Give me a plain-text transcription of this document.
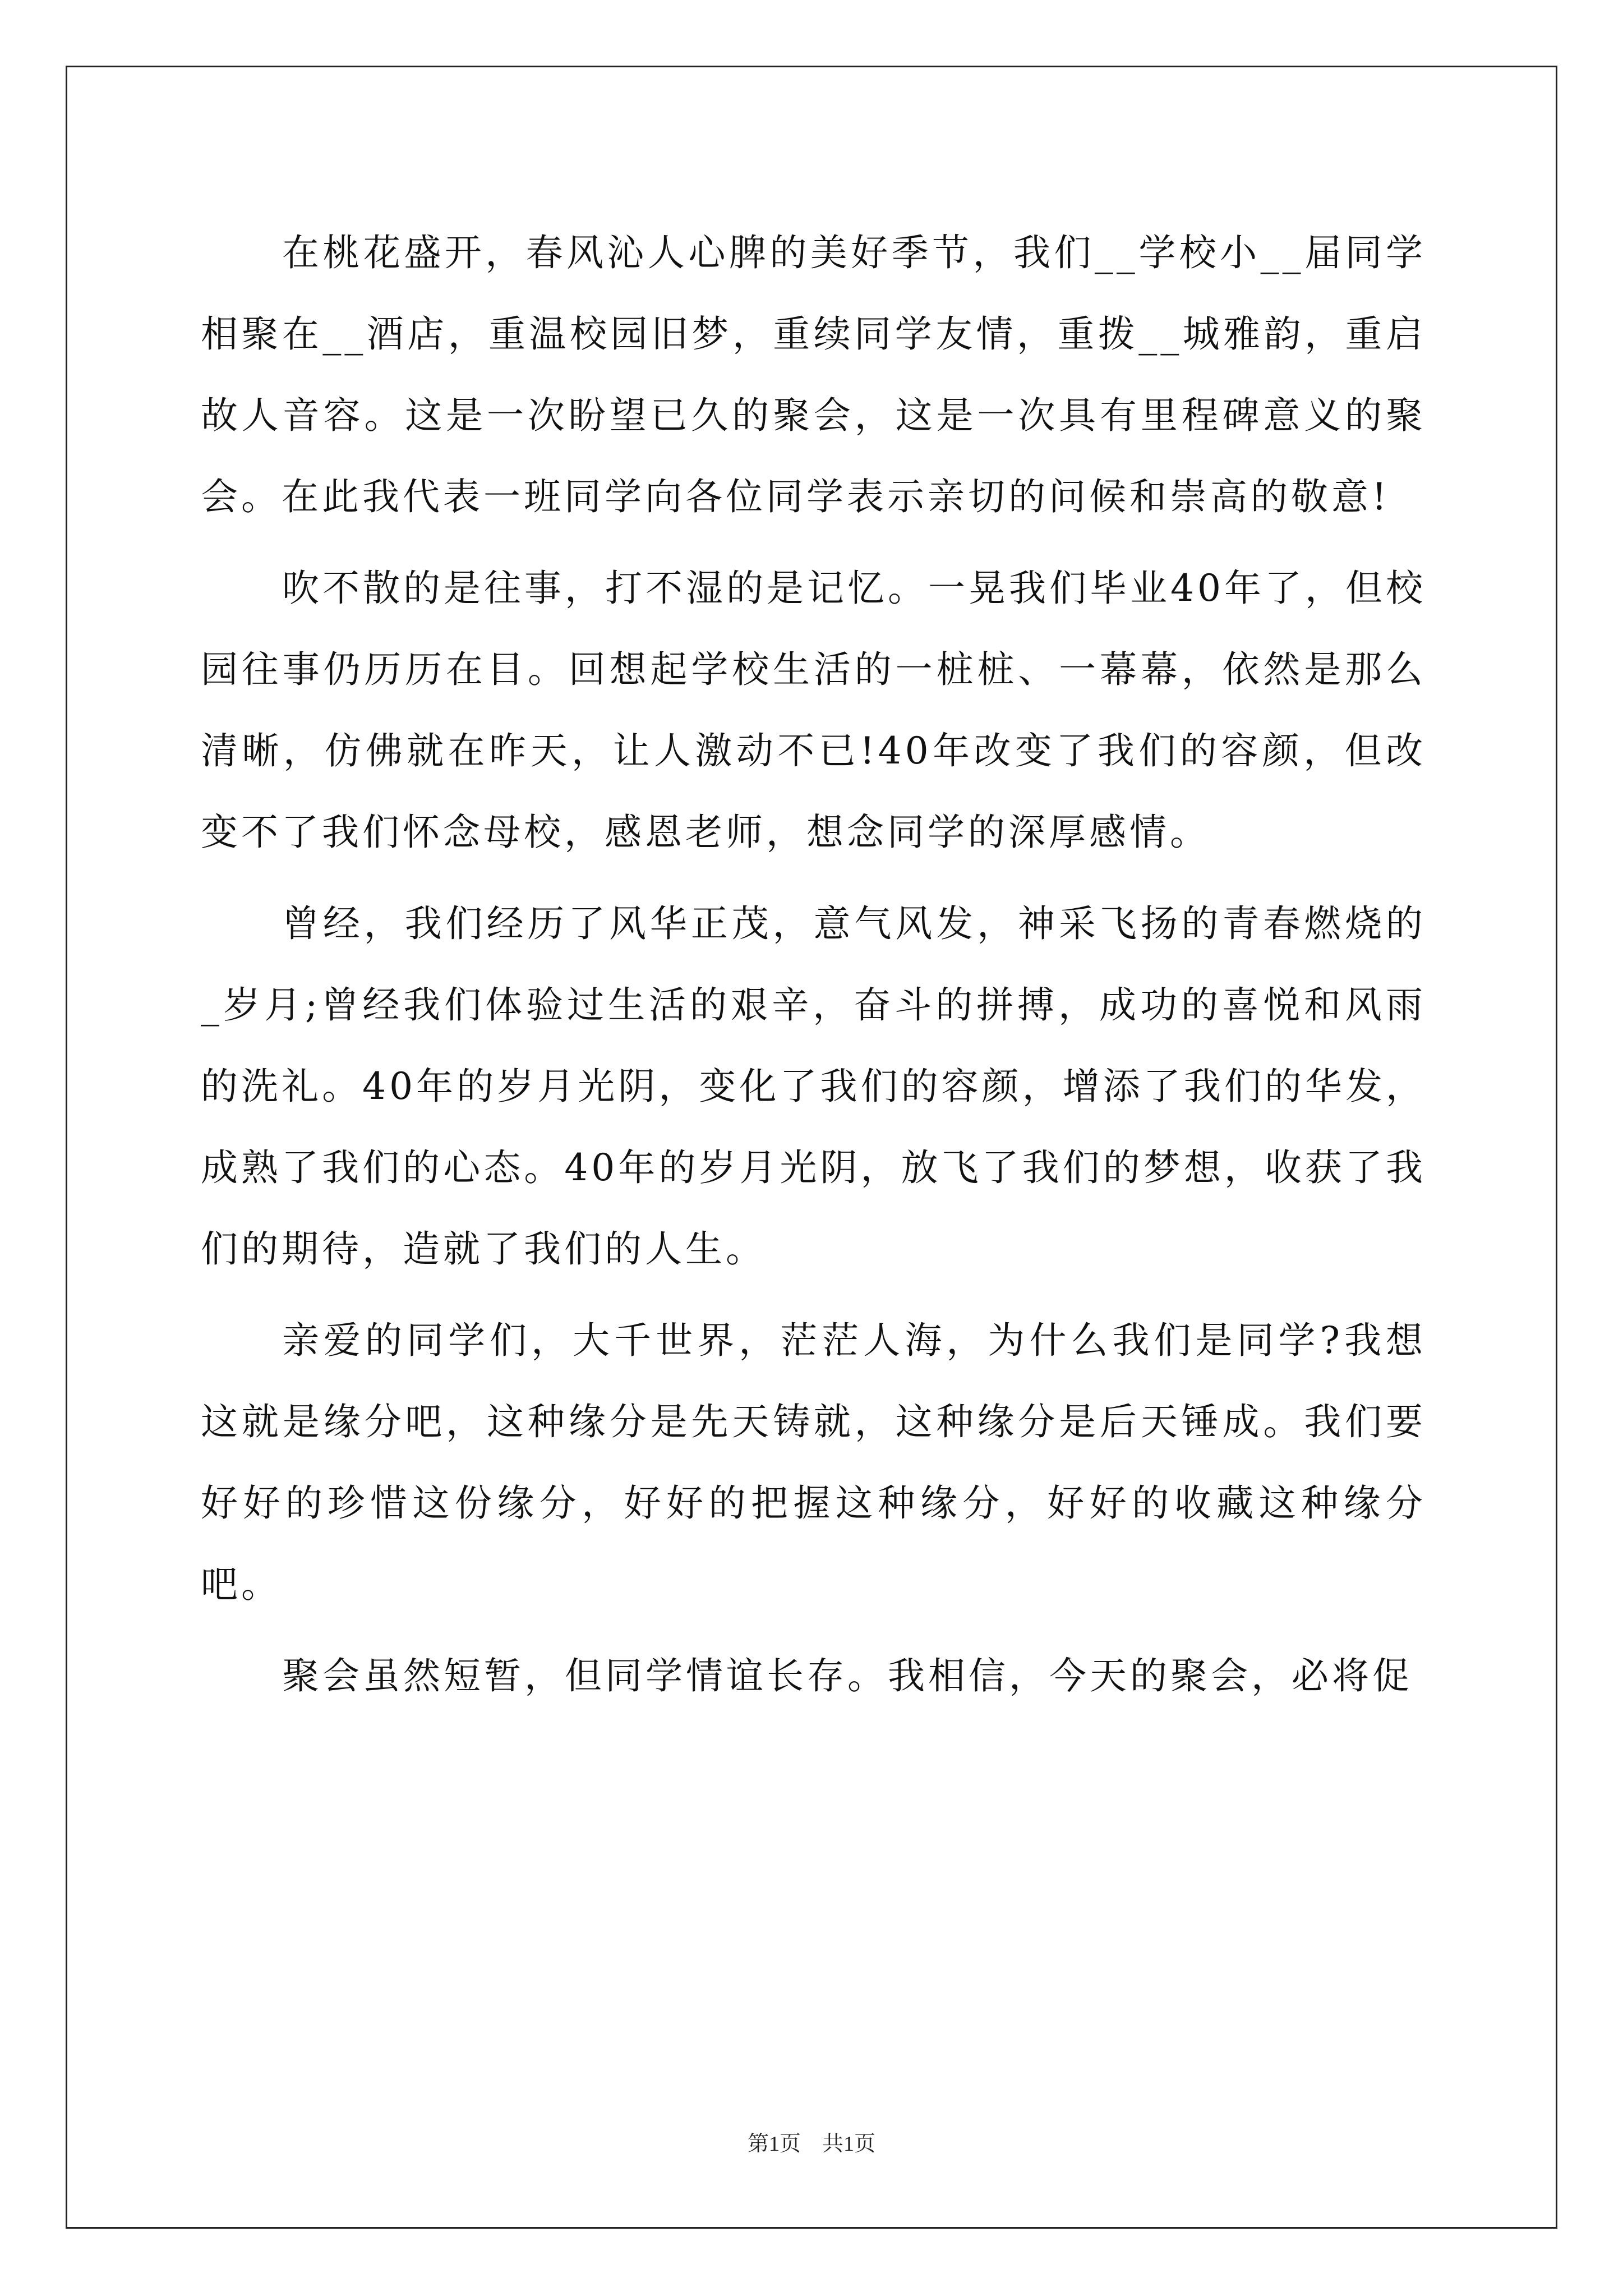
在桃花盛开，春风沁人心脾的美好季节，我们__学校小__届同学相聚在__酒店，重温校园旧梦，重续同学友情，重拨__城雅韵，重启故人音容。这是一次盼望已久的聚会，这是一次具有里程碑意义的聚会。在此我代表一班同学向各位同学表示亲切的问候和崇高的敬意!

吹不散的是往事，打不湿的是记忆。一晃我们毕业40年了，但校园往事仍历历在目。回想起学校生活的一桩桩、一幕幕，依然是那么清晰，仿佛就在昨天，让人激动不已!40年改变了我们的容颜，但改变不了我们怀念母校，感恩老师，想念同学的深厚感情。

曾经，我们经历了风华正茂，意气风发，神采飞扬的青春燃烧的_岁月;曾经我们体验过生活的艰辛，奋斗的拼搏，成功的喜悦和风雨的洗礼。40年的岁月光阴，变化了我们的容颜，增添了我们的华发，成熟了我们的心态。40年的岁月光阴，放飞了我们的梦想，收获了我们的期待，造就了我们的人生。

亲爱的同学们，大千世界，茫茫人海，为什么我们是同学?我想这就是缘分吧，这种缘分是先天铸就，这种缘分是后天锤成。我们要好好的珍惜这份缘分，好好的把握这种缘分，好好的收藏这种缘分吧。

聚会虽然短暂，但同学情谊长存。我相信，今天的聚会，必将促

第1页　共1页
